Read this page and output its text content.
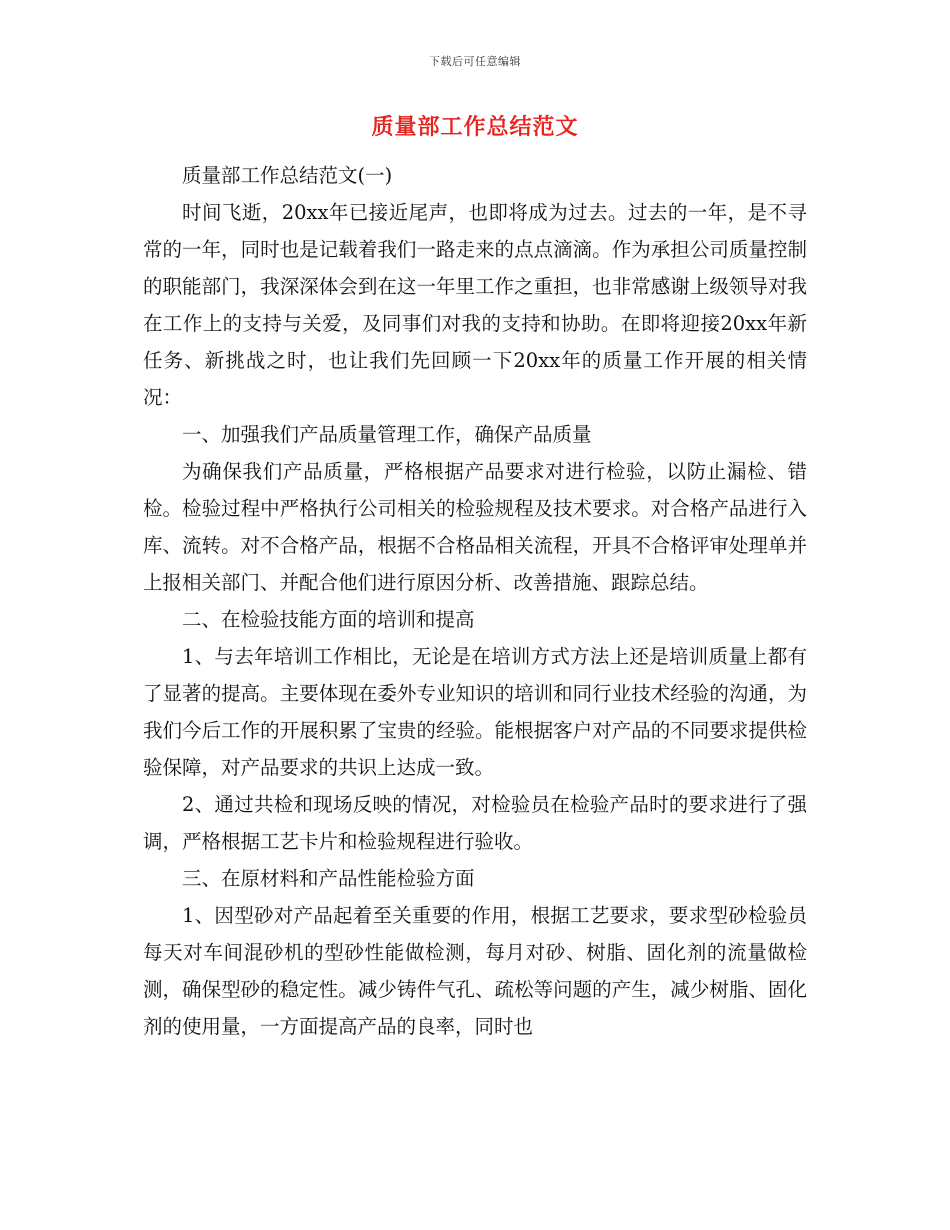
下载后可任意编辑
质量部工作总结范文

质量部工作总结范文(一)

时间飞逝，20xx年已接近尾声，也即将成为过去。过去的一年，是不寻常的一年，同时也是记载着我们一路走来的点点滴滴。作为承担公司质量控制的职能部门，我深深体会到在这一年里工作之重担，也非常感谢上级领导对我在工作上的支持与关爱，及同事们对我的支持和协助。在即将迎接20xx年新任务、新挑战之时，也让我们先回顾一下20xx年的质量工作开展的相关情况：

一、加强我们产品质量管理工作，确保产品质量

为确保我们产品质量，严格根据产品要求对进行检验，以防止漏检、错检。检验过程中严格执行公司相关的检验规程及技术要求。对合格产品进行入库、流转。对不合格产品，根据不合格品相关流程，开具不合格评审处理单并上报相关部门、并配合他们进行原因分析、改善措施、跟踪总结。

二、在检验技能方面的培训和提高

1、与去年培训工作相比，无论是在培训方式方法上还是培训质量上都有了显著的提高。主要体现在委外专业知识的培训和同行业技术经验的沟通，为我们今后工作的开展积累了宝贵的经验。能根据客户对产品的不同要求提供检验保障，对产品要求的共识上达成一致。

2、通过共检和现场反映的情况，对检验员在检验产品时的要求进行了强调，严格根据工艺卡片和检验规程进行验收。

三、在原材料和产品性能检验方面

1、因型砂对产品起着至关重要的作用，根据工艺要求，要求型砂检验员每天对车间混砂机的型砂性能做检测，每月对砂、树脂、固化剂的流量做检测，确保型砂的稳定性。减少铸件气孔、疏松等问题的产生，减少树脂、固化剂的使用量，一方面提高产品的良率，同时也
